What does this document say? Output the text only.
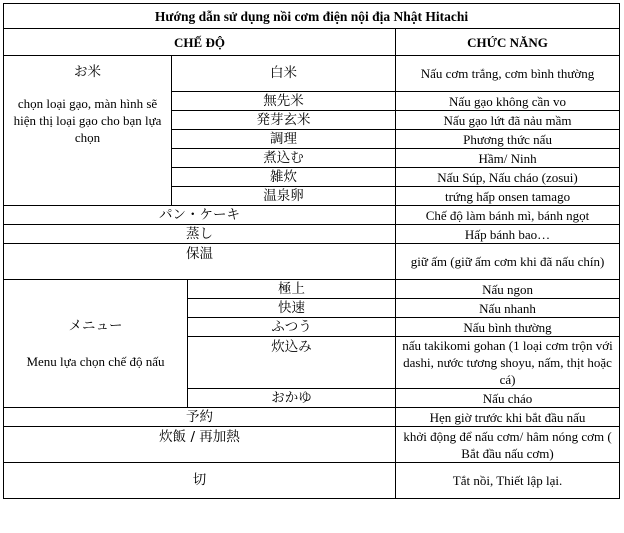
Hướng dẫn sử dụng nồi cơm điện nội địa Nhật Hitachi			
CHẾ ĐỘ			CHỨC NĂNG

お米
chọn loại gạo, màn hình sẽ hiện thị loại gạo cho bạn lựa chọn	白米		Nấu cơm trắng, cơm bình thường
	無先米		Nấu gạo không cần vo
	発芽玄米		Nấu gạo lứt đã nảu mầm
	調理		Phương thức nấu
	煮込む		Hầm/ Ninh
	雑炊		Nấu Súp, Nấu cháo (zosui)
	温泉卵		trứng hấp onsen tamago
パン・ケーキ			Chế độ làm bánh mì, bánh ngọt
蒸し			Hấp bánh bao…
保温			giữ ấm (giữ ấm cơm khi đã nấu chín)

メニュー
Menu lựa chọn chế độ nấu		極上	Nấu ngon
		快速	Nấu nhanh
		ふつう	Nấu bình thường
		炊込み	nấu takikomi gohan (1 loại cơm trộn với dashi, nước tương shoyu, nấm, thịt hoặc cá)
		おかゆ	Nấu cháo
予約			Hẹn giờ trước khi bắt đầu nấu
炊飯 / 再加熱			khởi động để nấu cơm/ hâm nóng cơm ( Bắt đầu nấu cơm)
切			Tắt nồi, Thiết lập lại.
